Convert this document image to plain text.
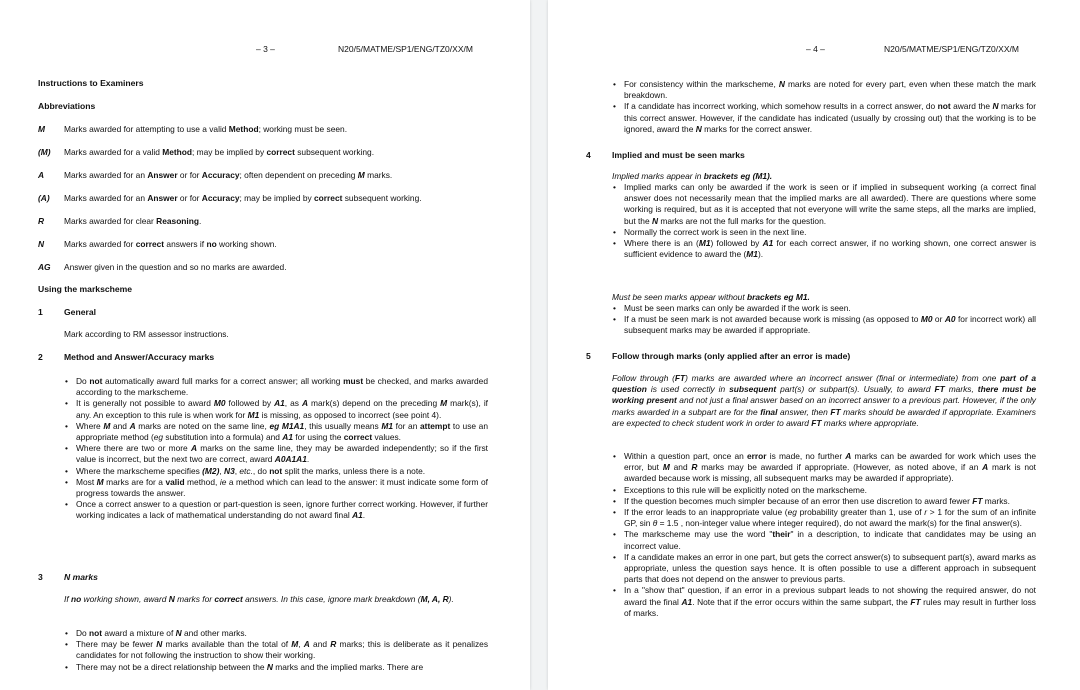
– 3 –	N20/5/MATME/SP1/ENG/TZ0/XX/M
Instructions to Examiners
Abbreviations
M Marks awarded for attempting to use a valid Method; working must be seen.
(M) Marks awarded for a valid Method; may be implied by correct subsequent working.
A Marks awarded for an Answer or for Accuracy; often dependent on preceding M marks.
(A) Marks awarded for an Answer or for Accuracy; may be implied by correct subsequent working.
R Marks awarded for clear Reasoning.
N Marks awarded for correct answers if no working shown.
AG Answer given in the question and so no marks are awarded.
Using the markscheme
1 General
Mark according to RM assessor instructions.
2 Method and Answer/Accuracy marks
• Do not automatically award full marks for a correct answer; all working must be checked, and marks awarded according to the markscheme.
• It is generally not possible to award M0 followed by A1, as A mark(s) depend on the preceding M mark(s), if any. An exception to this rule is when work for M1 is missing, as opposed to incorrect (see point 4).
• Where M and A marks are noted on the same line, eg M1A1, this usually means M1 for an attempt to use an appropriate method (eg substitution into a formula) and A1 for using the correct values.
• Where there are two or more A marks on the same line, they may be awarded independently; so if the first value is incorrect, but the next two are correct, award A0A1A1.
• Where the markscheme specifies (M2), N3, etc., do not split the marks, unless there is a note.
• Most M marks are for a valid method, ie a method which can lead to the answer: it must indicate some form of progress towards the answer.
• Once a correct answer to a question or part-question is seen, ignore further correct working. However, if further working indicates a lack of mathematical understanding do not award final A1.
3 N marks
If no working shown, award N marks for correct answers. In this case, ignore mark breakdown (M, A, R).
• Do not award a mixture of N and other marks.
• There may be fewer N marks available than the total of M, A and R marks; this is deliberate as it penalizes candidates for not following the instruction to show their working.
• There may not be a direct relationship between the N marks and the implied marks. There are
– 4 –	N20/5/MATME/SP1/ENG/TZ0/XX/M
• For consistency within the markscheme, N marks are noted for every part, even when these match the mark breakdown.
• If a candidate has incorrect working, which somehow results in a correct answer, do not award the N marks for this correct answer. However, if the candidate has indicated (usually by crossing out) that the working is to be ignored, award the N marks for the correct answer.
4 Implied and must be seen marks
Implied marks appear in brackets eg (M1).
• Implied marks can only be awarded if the work is seen or if implied in subsequent working (a correct final answer does not necessarily mean that the implied marks are all awarded). There are questions where some working is required, but as it is accepted that not everyone will write the same steps, all the marks are implied, but the N marks are not the full marks for the question.
• Normally the correct work is seen in the next line.
• Where there is an (M1) followed by A1 for each correct answer, if no working shown, one correct answer is sufficient evidence to award the (M1).
Must be seen marks appear without brackets eg M1.
• Must be seen marks can only be awarded if the work is seen.
• If a must be seen mark is not awarded because work is missing (as opposed to M0 or A0 for incorrect work) all subsequent marks may be awarded if appropriate.
5 Follow through marks (only applied after an error is made)
Follow through (FT) marks are awarded where an incorrect answer (final or intermediate) from one part of a question is used correctly in subsequent part(s) or subpart(s). Usually, to award FT marks, there must be working present and not just a final answer based on an incorrect answer to a previous part. However, if the only marks awarded in a subpart are for the final answer, then FT marks should be awarded if appropriate. Examiners are expected to check student work in order to award FT marks where appropriate.
• Within a question part, once an error is made, no further A marks can be awarded for work which uses the error, but M and R marks may be awarded if appropriate. (However, as noted above, if an A mark is not awarded because work is missing, all subsequent marks may be awarded if appropriate).
• Exceptions to this rule will be explicitly noted on the markscheme.
• If the question becomes much simpler because of an error then use discretion to award fewer FT marks.
• If the error leads to an inappropriate value (eg probability greater than 1, use of r > 1 for the sum of an infinite GP, sin θ = 1.5 , non-integer value where integer required), do not award the mark(s) for the final answer(s).
• The markscheme may use the word "their" in a description, to indicate that candidates may be using an incorrect value.
• If a candidate makes an error in one part, but gets the correct answer(s) to subsequent part(s), award marks as appropriate, unless the question says hence. It is often possible to use a different approach in subsequent parts that does not depend on the answer to previous parts.
• In a "show that" question, if an error in a previous subpart leads to not showing the required answer, do not award the final A1. Note that if the error occurs within the same subpart, the FT rules may result in further loss of marks.
